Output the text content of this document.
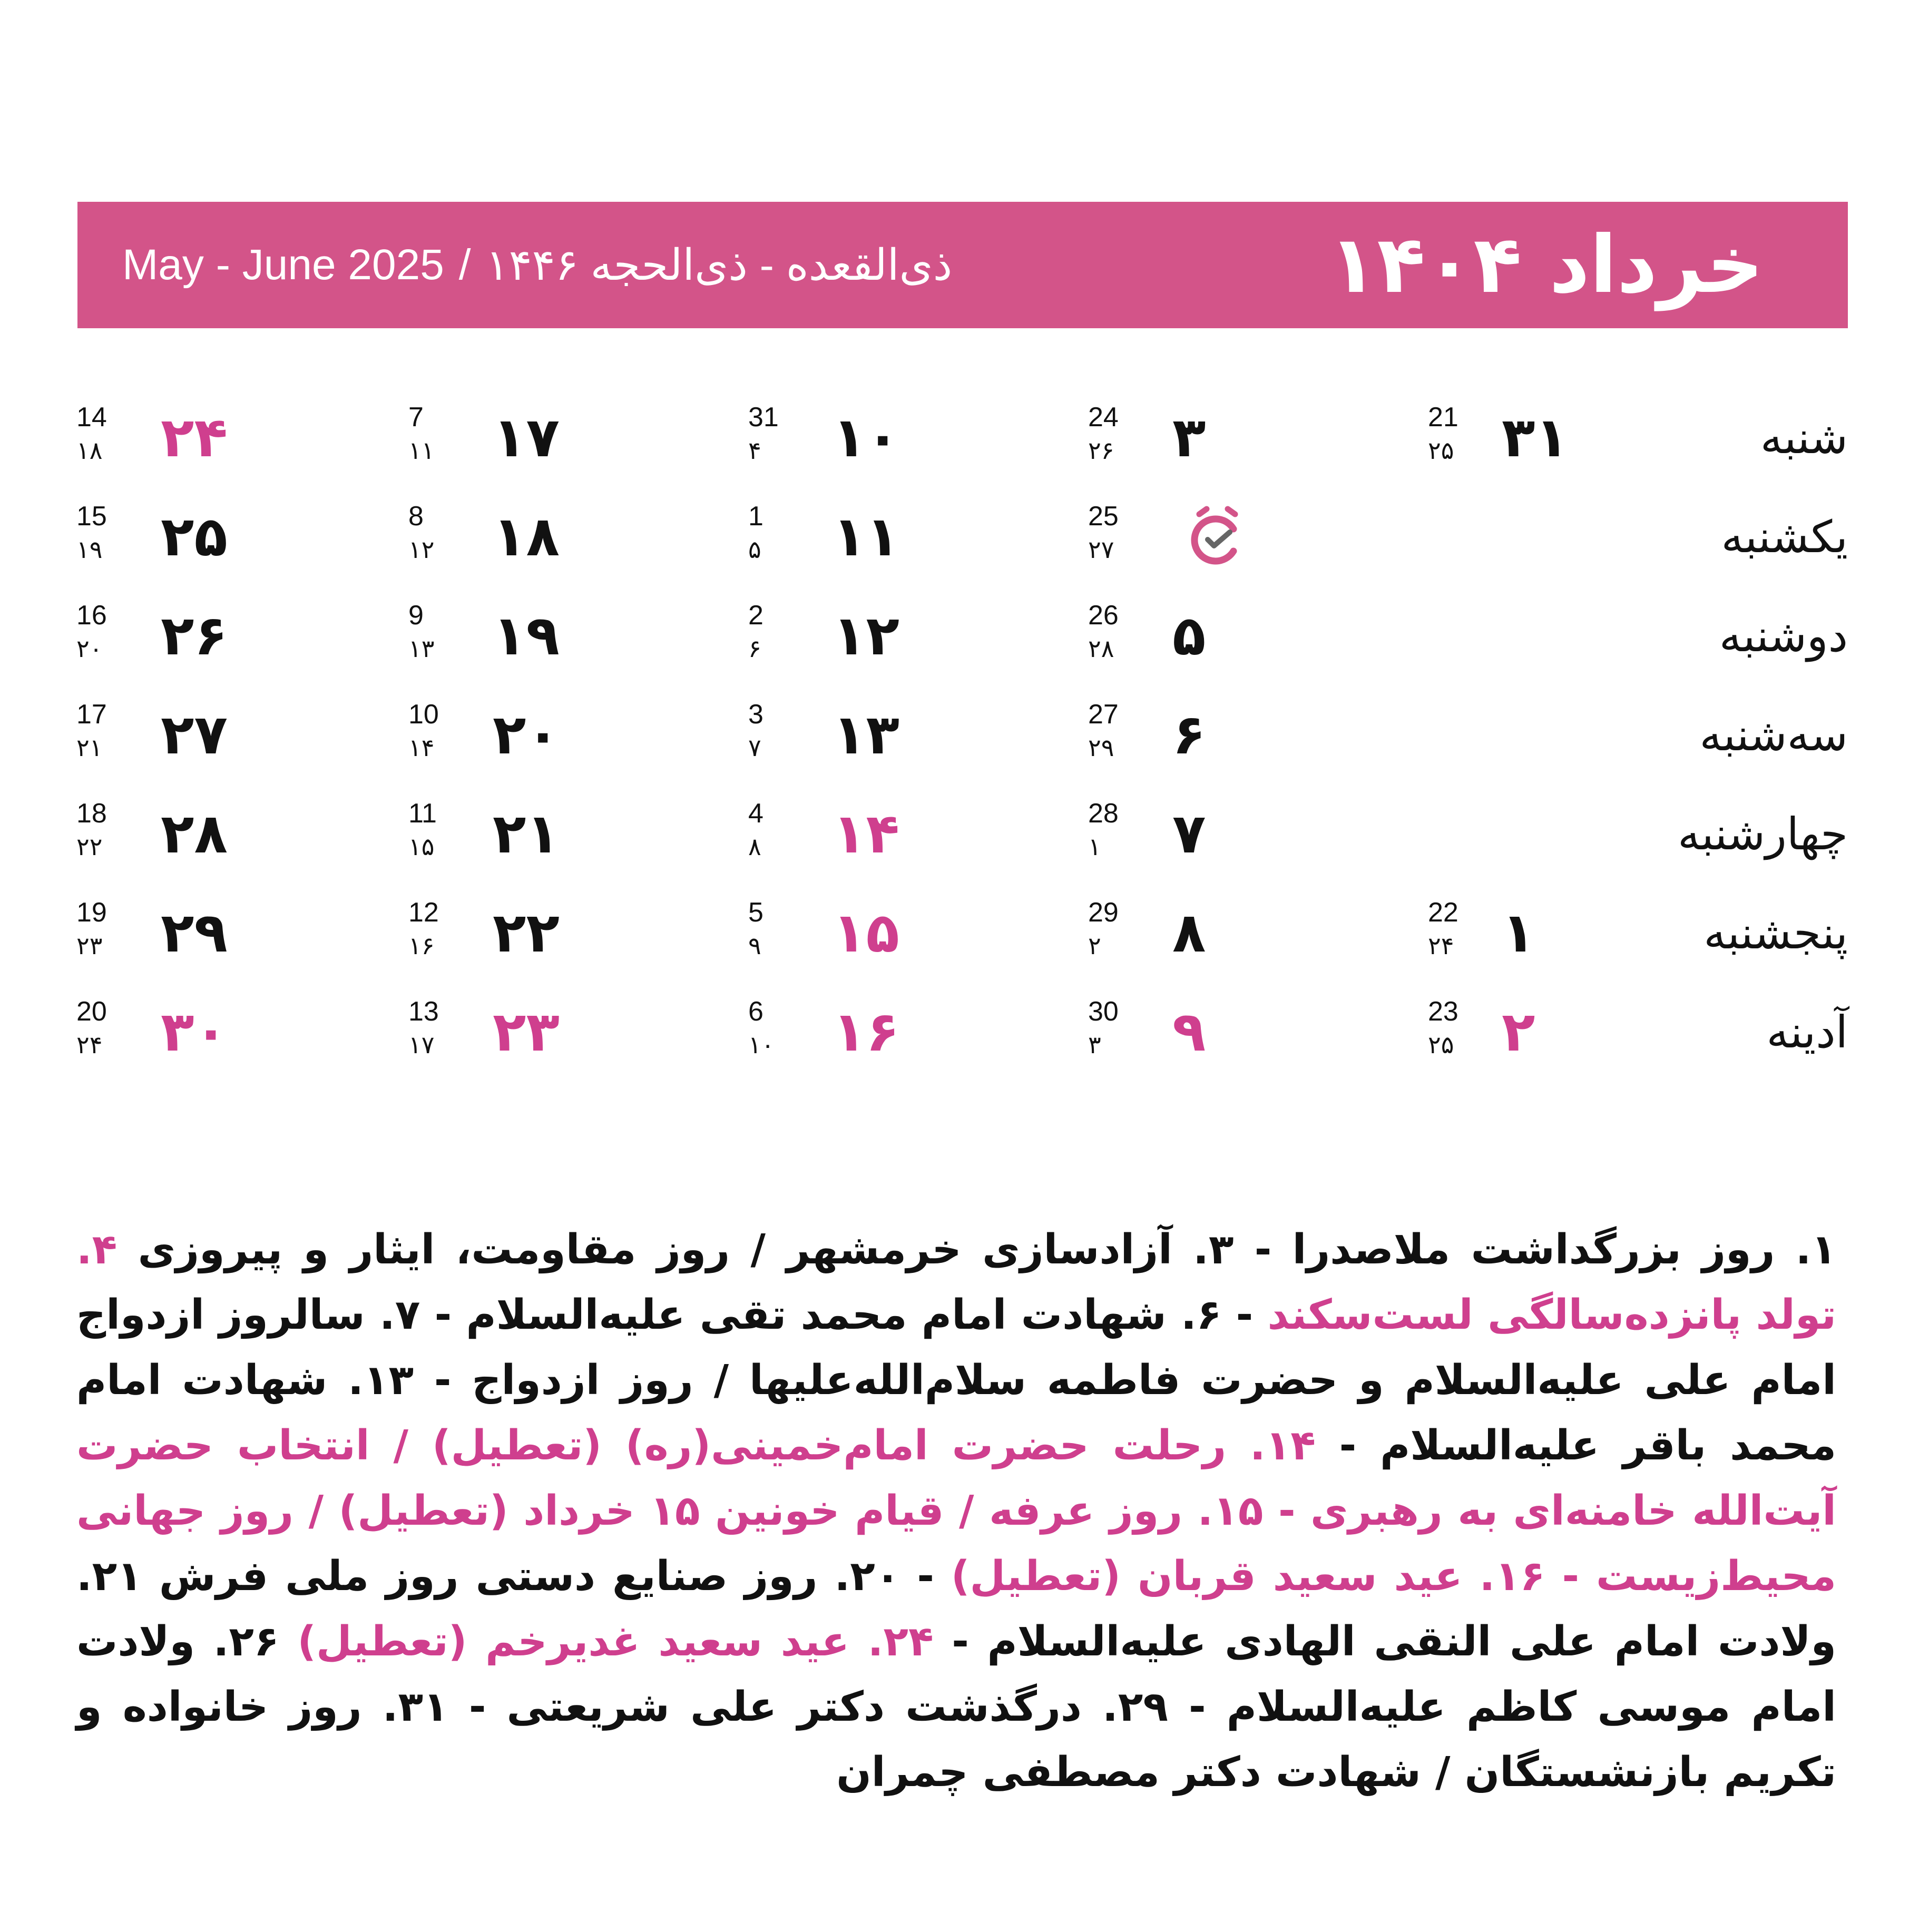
خرداد ۱۴۰۴
May - June 2025 / ذی‌القعده - ذی‌الحجه ۱۴۴۶
شنبه
یکشنبه
دوشنبه
سه‌شنبه
چهارشنبه
پنجشنبه
آدینه
21
۲۵ ۳۱
22
۲۴ ۱
23
۲۵ ۲
24
۲۶ ۳
25
۲۷
26
۲۸ ۵
27
۲۹ ۶
28
۱ ۷
29
۲ ۸
30
۳ ۹
31
۴ ۱۰
1
۵ ۱۱
2
۶ ۱۲
3
۷ ۱۳
4
۸ ۱۴
5
۹ ۱۵
6
۱۰ ۱۶
7
۱۱ ۱۷
8
۱۲ ۱۸
9
۱۳ ۱۹
10
۱۴ ۲۰
11
۱۵ ۲۱
12
۱۶ ۲۲
13
۱۷ ۲۳
14
۱۸ ۲۴
15
۱۹ ۲۵
16
۲۰ ۲۶
17
۲۱ ۲۷
18
۲۲ ۲۸
19
۲۳ ۲۹
20
۲۴ ۳۰
۱. روز بزرگداشت ملاصدرا - ۳. آزادسازی خرمشهر / روز مقاومت، ایثار و پیروزی ۴. تولد پانزده‌سالگی لست‌سکند - ۶. شهادت امام محمد تقی علیه‌السلام - ۷. سالروز ازدواج امام علی علیه‌السلام و حضرت فاطمه سلام‌الله‌علیها / روز ازدواج - ۱۳. شهادت امام محمد باقر علیه‌السلام - ۱۴. رحلت حضرت امام‌خمینی(ره) (تعطیل) / انتخاب حضرت آیت‌الله خامنه‌ای به رهبری - ۱۵. روز عرفه / قیام خونین ۱۵ خرداد (تعطیل) / روز جهانی محیط‌زیست - ۱۶. عید سعید قربان (تعطیل) - ۲۰. روز صنایع دستی روز ملی فرش ۲۱. ولادت امام علی النقی الهادی علیه‌السلام - ۲۴. عید سعید غدیرخم (تعطیل) ۲۶. ولادت امام موسی کاظم علیه‌السلام - ۲۹. درگذشت دکتر علی شریعتی - ۳۱. روز خانواده و تکریم بازنشستگان / شهادت دکتر مصطفی چمران
